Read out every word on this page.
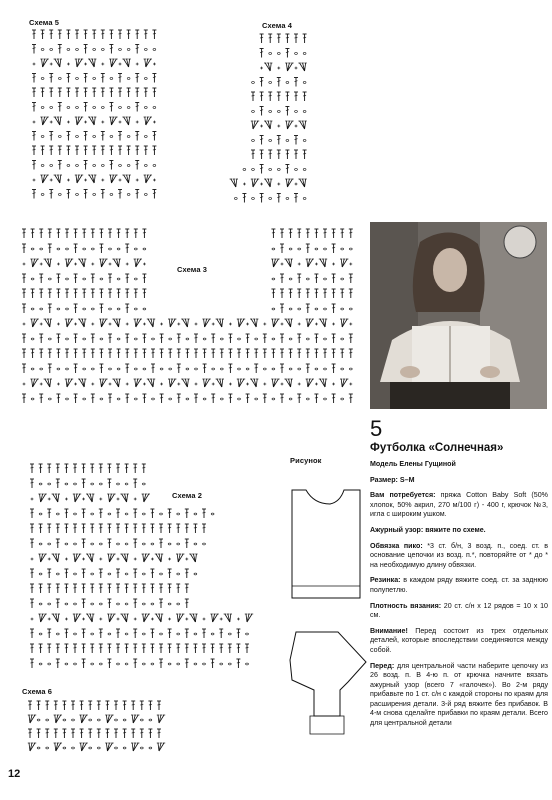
Схема 5	Схема 4
Схема 3
Схема 2
Схема 6
Рисунок
5
Футболка «Солнечная»

Модель Елены Гущиной

Размер: S–M

Вам потребуется: пряжа Cotton Baby Soft (50% хлопок, 50% акрил, 270 м/100 г) - 400 г, крючок №3, игла с широким ушком.

Ажурный узор: вяжите по схеме.

Обвязка пико: *3 ст. б/н, 3 возд. п., соед. ст. в основание цепочки из возд. п.*, повторяйте от * до * на необходимую длину обвязки.

Резинка: в каждом ряду вяжите соед. ст. за заднюю полупетлю.

Плотность вязания: 20 ст. с/н x 12 рядов = 10 x 10 см.

Внимание! Перед состоит из трех отдельных деталей, которые впоследствии соединяются между собой.

Перед: для центральной части наберите цепочку из 26 возд. п. В 4-ю п. от крючка начните вязать ажурный узор (всего 7 «галочек»). Во 2-м ряду прибавьте по 1 ст. с/н с каждой стороны по краям для расширения детали. 3-й ряд вяжите без прибавок. В 4-м снова сделайте прибавки по краям детали. Всего для центральной детали

12
